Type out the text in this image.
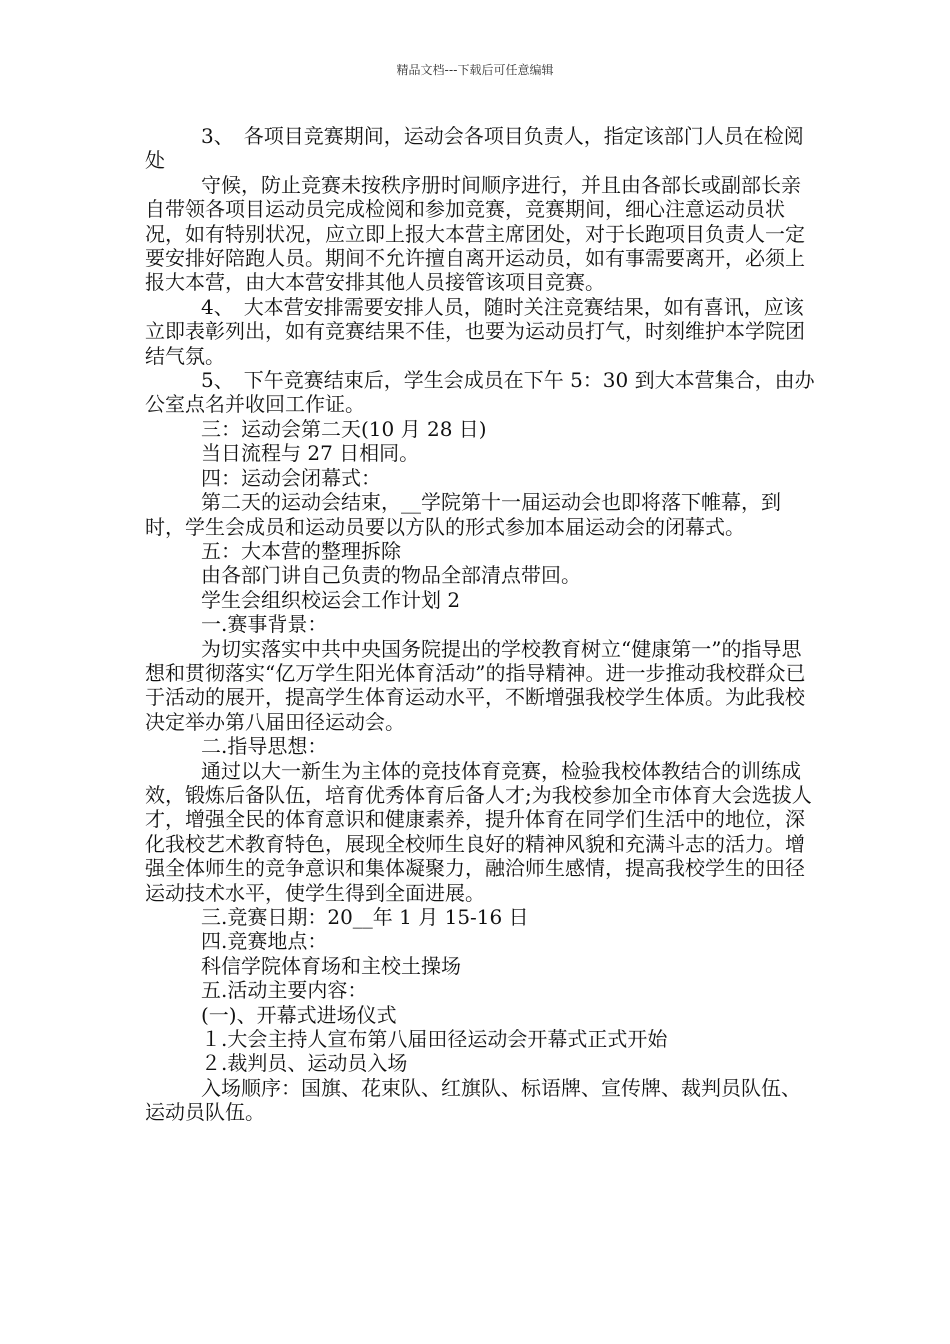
精品文档---下载后可任意编辑

3、　各项目竞赛期间，运动会各项目负责人，指定该部门人员在检阅处

守候，防止竞赛未按秩序册时间顺序进行，并且由各部长或副部长亲自带领各项目运动员完成检阅和参加竞赛，竞赛期间，细心注意运动员状况，如有特别状况，应立即上报大本营主席团处，对于长跑项目负责人一定要安排好陪跑人员。期间不允许擅自离开运动员，如有事需要离开，必须上报大本营，由大本营安排其他人员接管该项目竞赛。

4、　大本营安排需要安排人员，随时关注竞赛结果，如有喜讯，应该立即表彰列出，如有竞赛结果不佳，也要为运动员打气，时刻维护本学院团结气氛。

5、　下午竞赛结束后，学生会成员在下午 5：30 到大本营集合，由办公室点名并收回工作证。

三：运动会第二天(10 月 28 日)

当日流程与 27 日相同。

四：运动会闭幕式：

第二天的运动会结束，__学院第十一届运动会也即将落下帷幕，到时，学生会成员和运动员要以方队的形式参加本届运动会的闭幕式。

五：大本营的整理拆除

由各部门讲自己负责的物品全部清点带回。

学生会组织校运会工作计划 2

一.赛事背景：

为切实落实中共中央国务院提出的学校教育树立“健康第一”的指导思想和贯彻落实“亿万学生阳光体育活动”的指导精神。进一步推动我校群众已于活动的展开，提高学生体育运动水平，不断增强我校学生体质。为此我校决定举办第八届田径运动会。

二.指导思想：

通过以大一新生为主体的竞技体育竞赛，检验我校体教结合的训练成效，锻炼后备队伍，培育优秀体育后备人才;为我校参加全市体育大会选拔人才，增强全民的体育意识和健康素养，提升体育在同学们生活中的地位，深化我校艺术教育特色，展现全校师生良好的精神风貌和充满斗志的活力。增强全体师生的竞争意识和集体凝聚力，融洽师生感情，提高我校学生的田径运动技术水平，使学生得到全面进展。

三.竞赛日期：20__年 1 月 15-16 日

四.竞赛地点：

科信学院体育场和主校土操场

五.活动主要内容：

(一)、开幕式进场仪式

１.大会主持人宣布第八届田径运动会开幕式正式开始

２.裁判员、运动员入场

入场顺序：国旗、花束队、红旗队、标语牌、宣传牌、裁判员队伍、运动员队伍。
